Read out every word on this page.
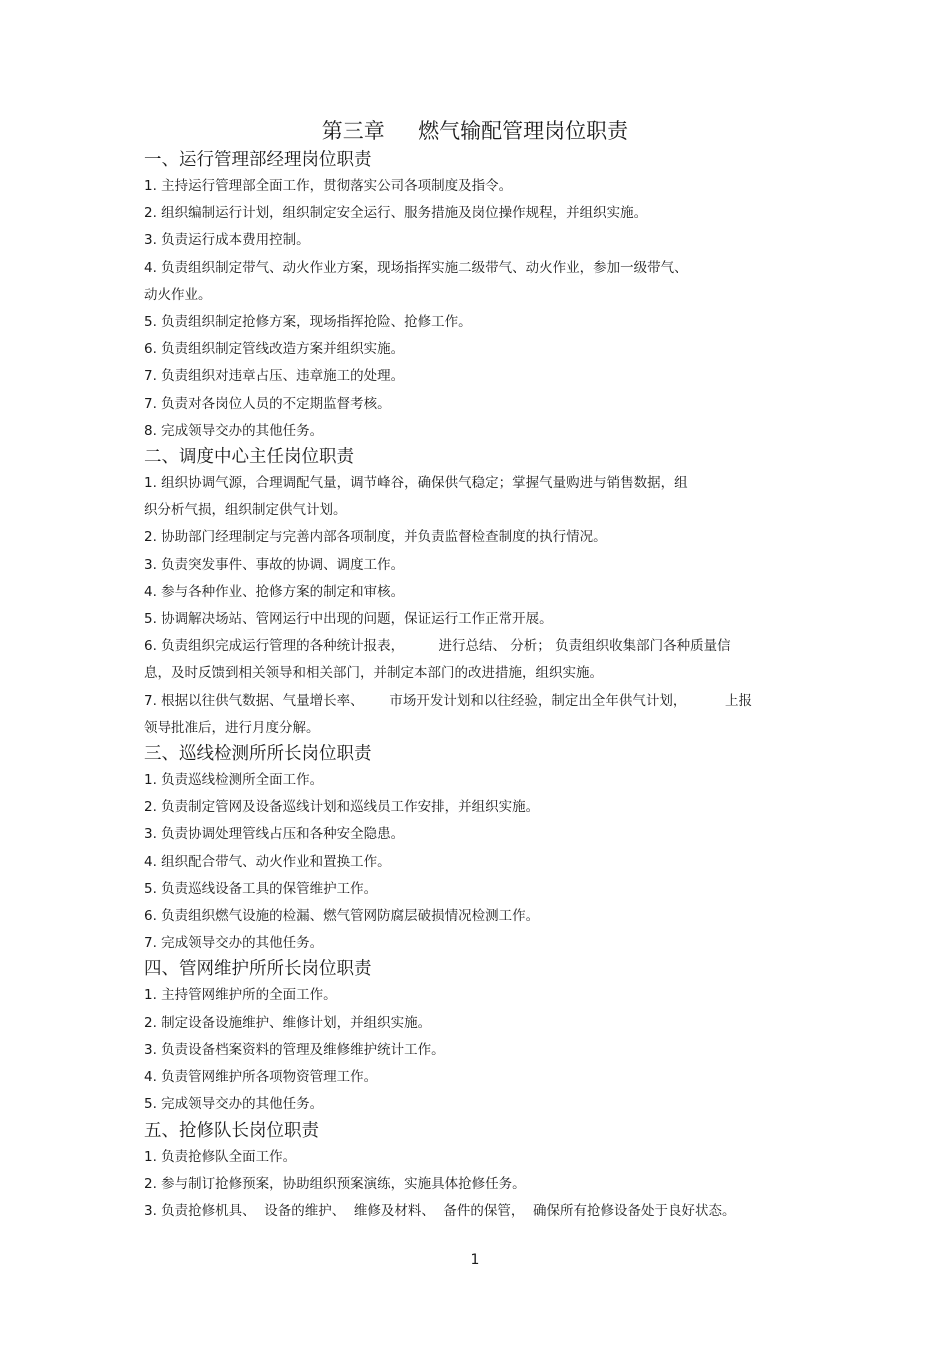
第三章     燃气输配管理岗位职责
一、运行管理部经理岗位职责
1. 主持运行管理部全面工作，贯彻落实公司各项制度及指令。
2. 组织编制运行计划，组织制定安全运行、服务措施及岗位操作规程，并组织实施。
3. 负责运行成本费用控制。
4. 负责组织制定带气、动火作业方案，现场指挥实施二级带气、动火作业，参加一级带气、
动火作业。
5. 负责组织制定抢修方案，现场指挥抢险、抢修工作。
6. 负责组织制定管线改造方案并组织实施。
7. 负责组织对违章占压、违章施工的处理。
7. 负责对各岗位人员的不定期监督考核。
8. 完成领导交办的其他任务。
二、调度中心主任岗位职责
1. 组织协调气源，合理调配气量，调节峰谷，确保供气稳定；掌握气量购进与销售数据，组
织分析气损，组织制定供气计划。
2. 协助部门经理制定与完善内部各项制度，并负责监督检查制度的执行情况。
3. 负责突发事件、事故的协调、调度工作。
4. 参与各种作业、抢修方案的制定和审核。
5. 协调解决场站、管网运行中出现的问题，保证运行工作正常开展。
6. 负责组织完成运行管理的各种统计报表，        进行总结、 分析； 负责组织收集部门各种质量信
息，及时反馈到相关领导和相关部门，并制定本部门的改进措施，组织实施。
7. 根据以往供气数据、气量增长率、      市场开发计划和以往经验，制定出全年供气计划，         上报
领导批准后，进行月度分解。
三、巡线检测所所长岗位职责
1. 负责巡线检测所全面工作。
2. 负责制定管网及设备巡线计划和巡线员工作安排，并组织实施。
3. 负责协调处理管线占压和各种安全隐患。
4. 组织配合带气、动火作业和置换工作。
5. 负责巡线设备工具的保管维护工作。
6. 负责组织燃气设施的检漏、燃气管网防腐层破损情况检测工作。
7. 完成领导交办的其他任务。
四、管网维护所所长岗位职责
1. 主持管网维护所的全面工作。
2. 制定设备设施维护、维修计划，并组织实施。
3. 负责设备档案资料的管理及维修维护统计工作。
4. 负责管网维护所各项物资管理工作。
5. 完成领导交办的其他任务。
五、抢修队长岗位职责
1. 负责抢修队全面工作。
2. 参与制订抢修预案，协助组织预案演练，实施具体抢修任务。
3. 负责抢修机具、  设备的维护、  维修及材料、  备件的保管，  确保所有抢修设备处于良好状态。
1
